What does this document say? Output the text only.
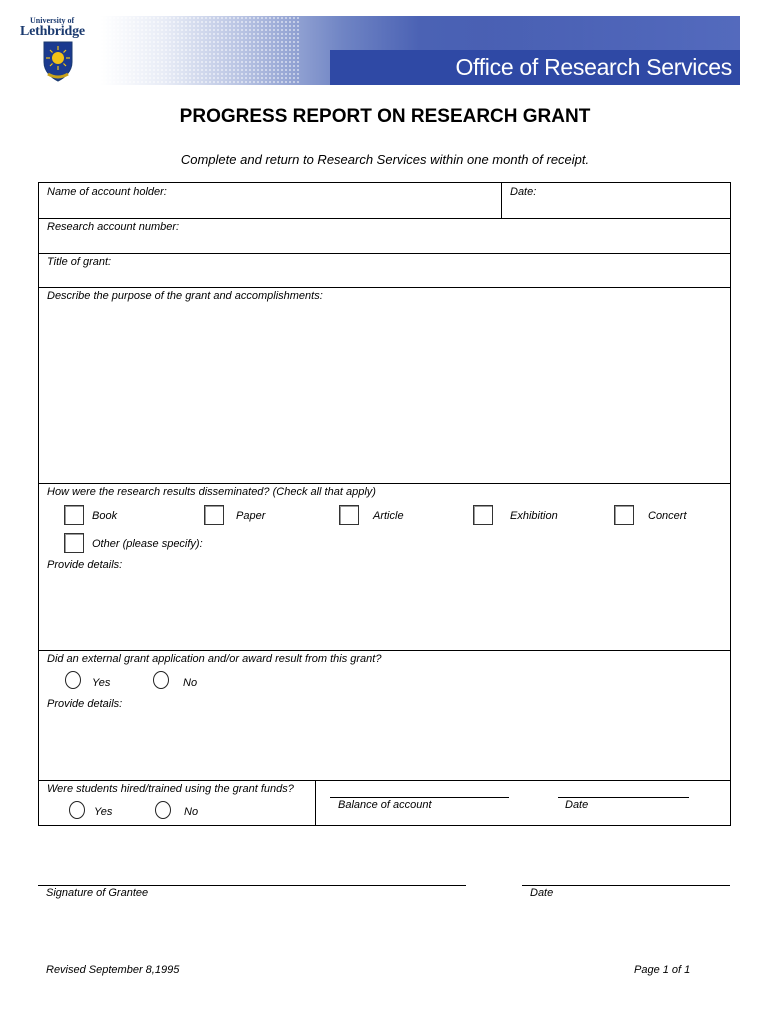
University of
Lethbridge
Office of Research Services
PROGRESS REPORT ON RESEARCH GRANT
Complete and return to Research Services within one month of receipt.
Name of account holder:	Date:
Research account number:
Title of grant:
Describe the purpose of the grant and accomplishments:
How were the research results disseminated? (Check all that apply)
Book	Paper	Article	Exhibition	Concert
Other (please specify):
Provide details:
Did an external grant application and/or award result from this grant?
Yes	No
Provide details:
Were students hired/trained using the grant funds?
Yes	No
Balance of account	Date
Signature of Grantee	Date
Revised September 8,1995	Page 1 of 1
